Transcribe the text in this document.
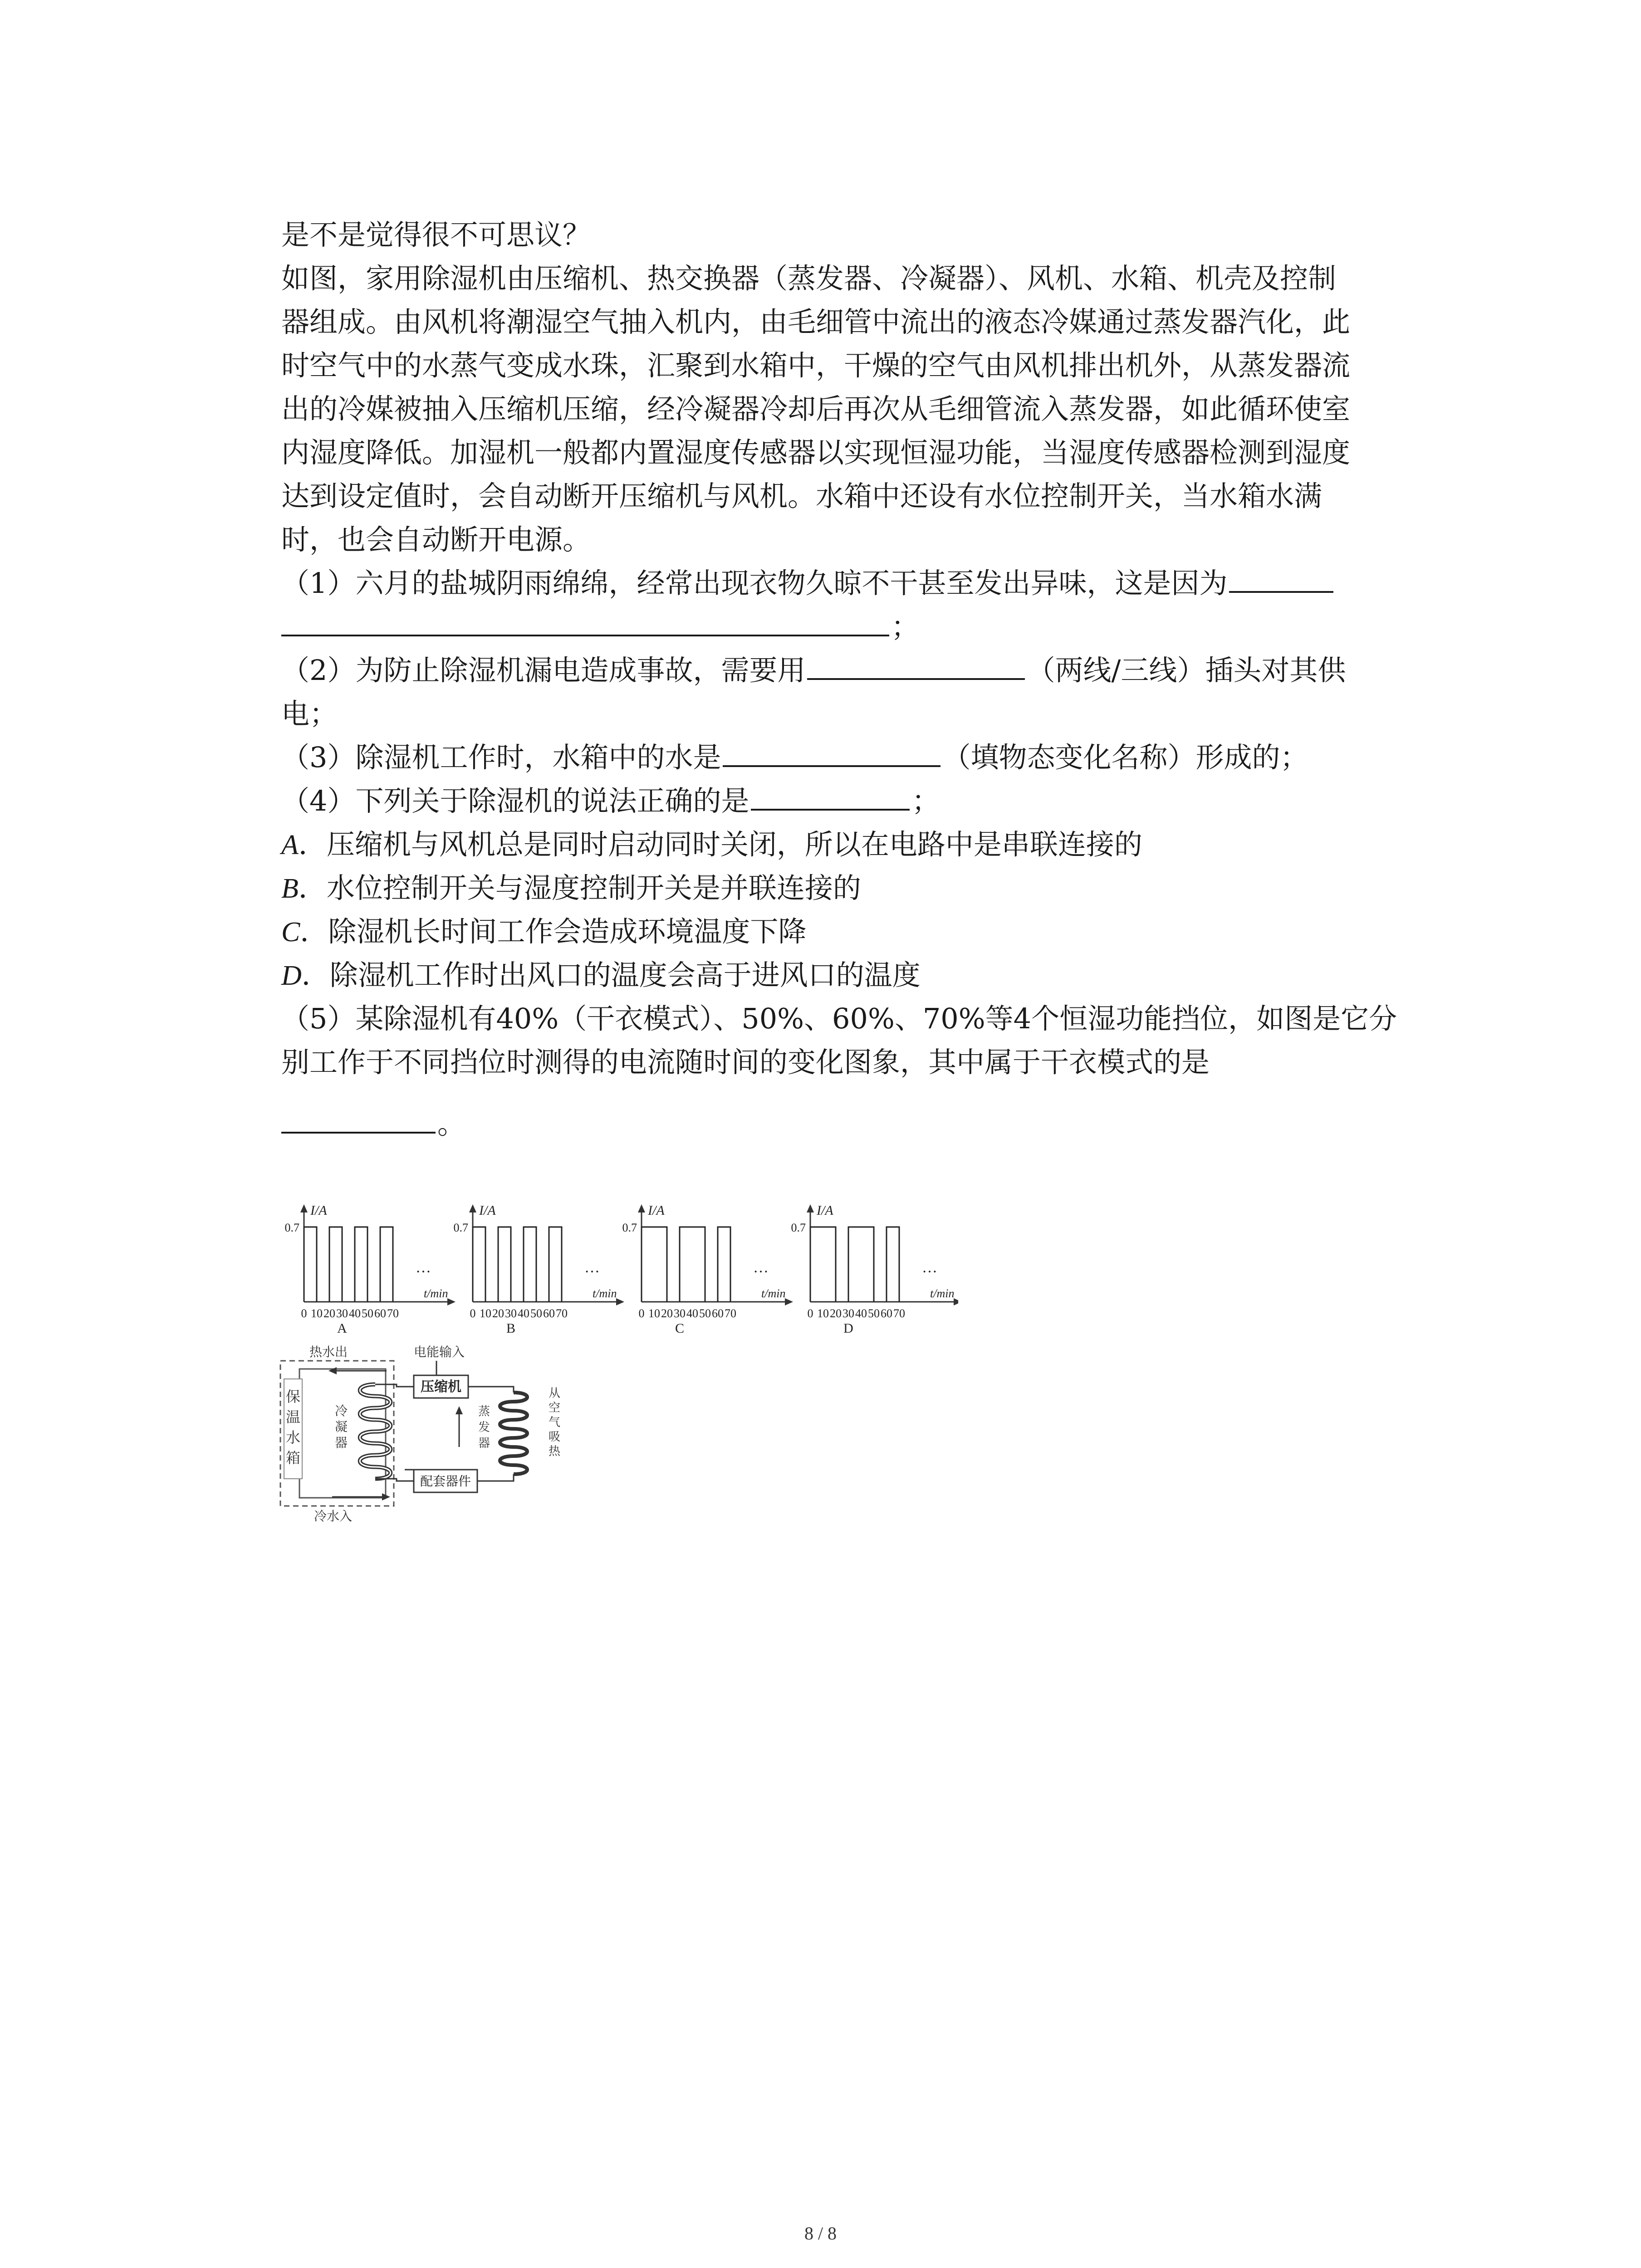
是不是觉得很不可思议？
如图，家用除湿机由压缩机、热交换器（蒸发器、冷凝器）、风机、水箱、机壳及控制
器组成。由风机将潮湿空气抽入机内，由毛细管中流出的液态冷媒通过蒸发器汽化，此
时空气中的水蒸气变成水珠，汇聚到水箱中，干燥的空气由风机排出机外，从蒸发器流
出的冷媒被抽入压缩机压缩，经冷凝器冷却后再次从毛细管流入蒸发器，如此循环使室
内湿度降低。加湿机一般都内置湿度传感器以实现恒湿功能，当湿度传感器检测到湿度
达到设定值时，会自动断开压缩机与风机。水箱中还设有水位控制开关，当水箱水满
时，也会自动断开电源。
（1）六月的盐城阴雨绵绵，经常出现衣物久晾不干甚至发出异味，这是因为
；
（2）为防止除湿机漏电造成事故，需要用	（两线/三线）插头对其供
电；
（3）除湿机工作时，水箱中的水是	（填物态变化名称）形成的；
（4）下列关于除湿机的说法正确的是	；
A．压缩机与风机总是同时启动同时关闭，所以在电路中是串联连接的
B．水位控制开关与湿度控制开关是并联连接的
C．除湿机长时间工作会造成环境温度下降
D．除湿机工作时出风口的温度会高于进风口的温度
（5）某除湿机有40%（干衣模式）、50%、60%、70%等4个恒湿功能挡位，如图是它分
别工作于不同挡位时测得的电流随时间的变化图象，其中属于干衣模式的是
。
I/A
0.7
t/min
…
0 10 20 30 40 50 60 70
A
I/A
0.7
t/min
…
0 10 20 30 40 50 60 70
B
I/A
0.7
t/min
…
0 10 20 30 40 50 60 70
C
I/A
0.7
t/min
…
0 10 20 30 40 50 60 70
D
保
温
水
箱
热水出	电能输入
压缩机
冷
凝
器
配套器件
蒸
发
器
从
空
气
吸
热
冷水入
8 / 8
